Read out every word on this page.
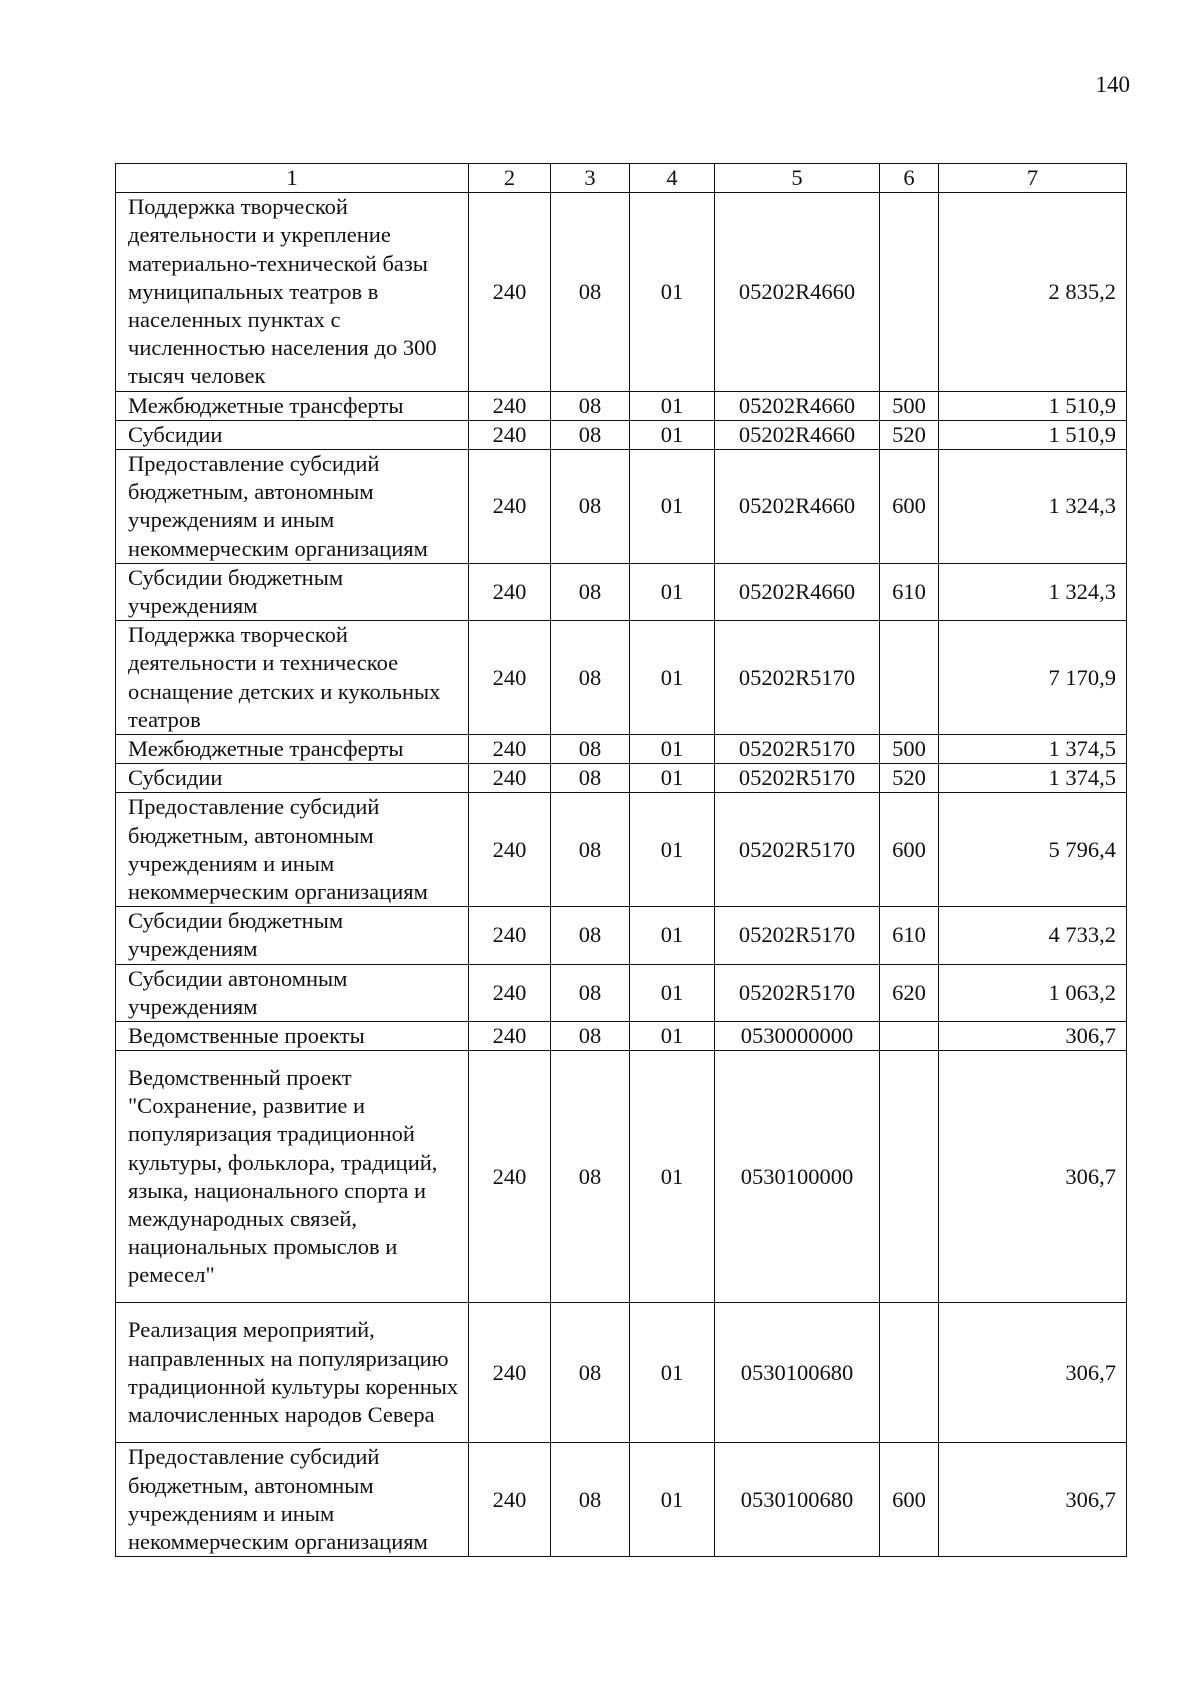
140
1	2	3	4	5	6	7
Поддержка творческой деятельности и укрепление материально-технической базы муниципальных театров в населенных пунктах с численностью населения до 300 тысяч человек	240	08	01	05202R4660		2 835,2
Межбюджетные трансферты	240	08	01	05202R4660	500	1 510,9
Субсидии	240	08	01	05202R4660	520	1 510,9
Предоставление субсидий бюджетным, автономным учреждениям и иным некоммерческим организациям	240	08	01	05202R4660	600	1 324,3
Субсидии бюджетным учреждениям	240	08	01	05202R4660	610	1 324,3
Поддержка творческой деятельности и техническое оснащение детских и кукольных театров	240	08	01	05202R5170		7 170,9
Межбюджетные трансферты	240	08	01	05202R5170	500	1 374,5
Субсидии	240	08	01	05202R5170	520	1 374,5
Предоставление субсидий бюджетным, автономным учреждениям и иным некоммерческим организациям	240	08	01	05202R5170	600	5 796,4
Субсидии бюджетным учреждениям	240	08	01	05202R5170	610	4 733,2
Субсидии автономным учреждениям	240	08	01	05202R5170	620	1 063,2
Ведомственные проекты	240	08	01	0530000000		306,7
Ведомственный проект "Сохранение, развитие и популяризация традиционной культуры, фольклора, традиций, языка, национального спорта и международных связей, национальных промыслов и ремесел"	240	08	01	0530100000		306,7
Реализация мероприятий, направленных на популяризацию традиционной культуры коренных малочисленных народов Севера	240	08	01	0530100680		306,7
Предоставление субсидий бюджетным, автономным учреждениям и иным некоммерческим организациям	240	08	01	0530100680	600	306,7
